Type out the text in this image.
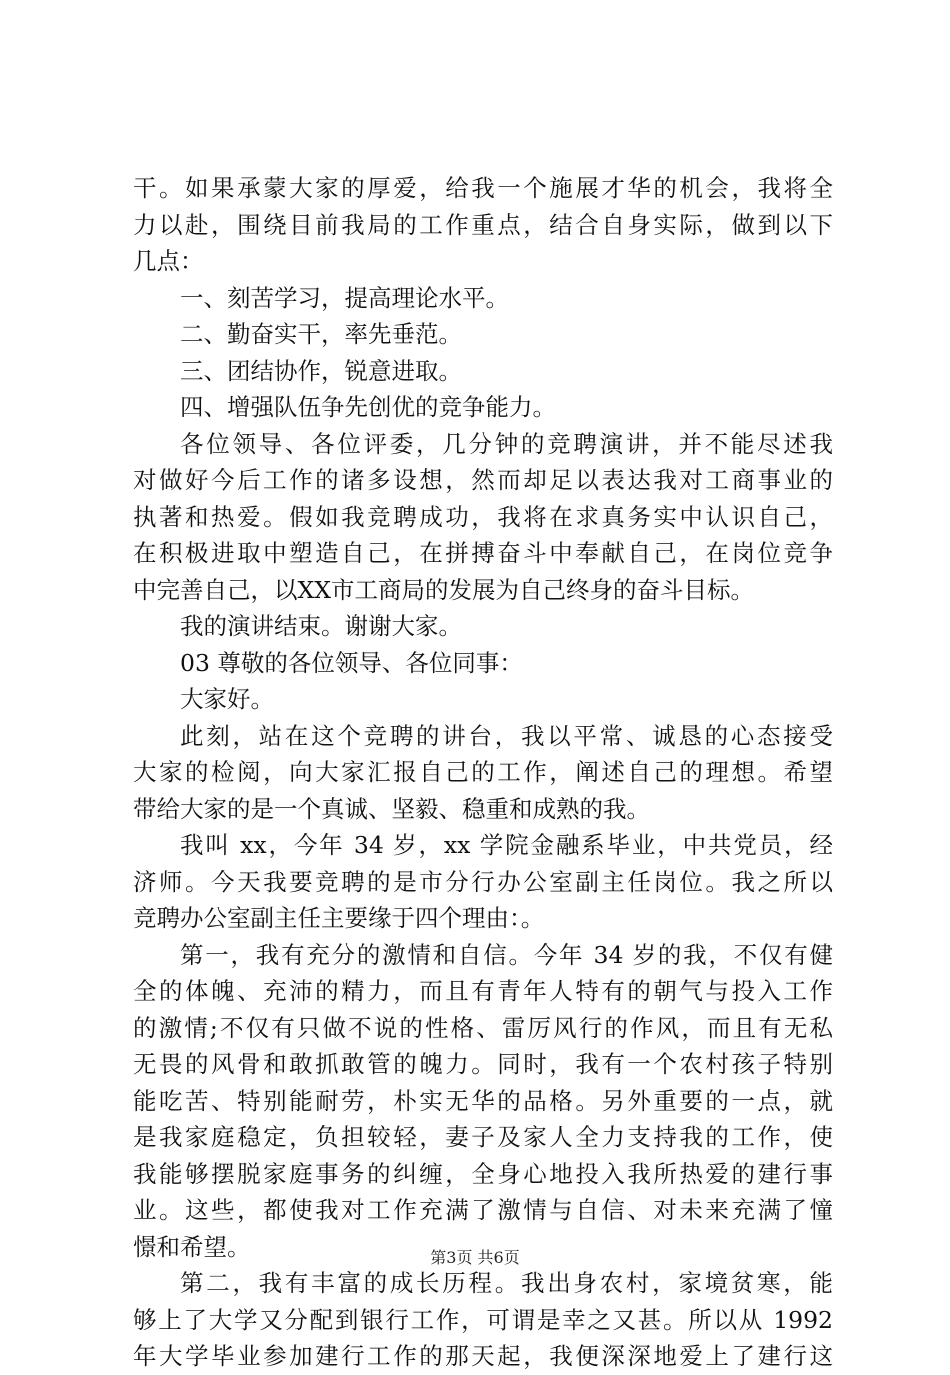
干。如果承蒙大家的厚爱，给我一个施展才华的机会，我将全
力以赴，围绕目前我局的工作重点，结合自身实际，做到以下
几点：
一、刻苦学习，提高理论水平。
二、勤奋实干，率先垂范。
三、团结协作，锐意进取。
四、增强队伍争先创优的竞争能力。
各位领导、各位评委，几分钟的竞聘演讲，并不能尽述我
对做好今后工作的诸多设想，然而却足以表达我对工商事业的
执著和热爱。假如我竞聘成功，我将在求真务实中认识自己，
在积极进取中塑造自己，在拼搏奋斗中奉献自己，在岗位竞争
中完善自己，以XX市工商局的发展为自己终身的奋斗目标。
我的演讲结束。谢谢大家。
03 尊敬的各位领导、各位同事：
大家好。
此刻，站在这个竞聘的讲台，我以平常、诚恳的心态接受
大家的检阅，向大家汇报自己的工作，阐述自己的理想。希望
带给大家的是一个真诚、坚毅、稳重和成熟的我。
我叫 xx，今年 34 岁，xx 学院金融系毕业，中共党员，经
济师。今天我要竞聘的是市分行办公室副主任岗位。我之所以
竞聘办公室副主任主要缘于四个理由：。
第一，我有充分的激情和自信。今年 34 岁的我，不仅有健
全的体魄、充沛的精力，而且有青年人特有的朝气与投入工作
的激情;不仅有只做不说的性格、雷厉风行的作风，而且有无私
无畏的风骨和敢抓敢管的魄力。同时，我有一个农村孩子特别
能吃苦、特别能耐劳，朴实无华的品格。另外重要的一点，就
是我家庭稳定，负担较轻，妻子及家人全力支持我的工作，使
我能够摆脱家庭事务的纠缠，全身心地投入我所热爱的建行事
业。这些，都使我对工作充满了激情与自信、对未来充满了憧
憬和希望。
第二，我有丰富的成长历程。我出身农村，家境贫寒，能
够上了大学又分配到银行工作，可谓是幸之又甚。所以从 1992
年大学毕业参加建行工作的那天起，我便深深地爱上了建行这
第3页 共6页
